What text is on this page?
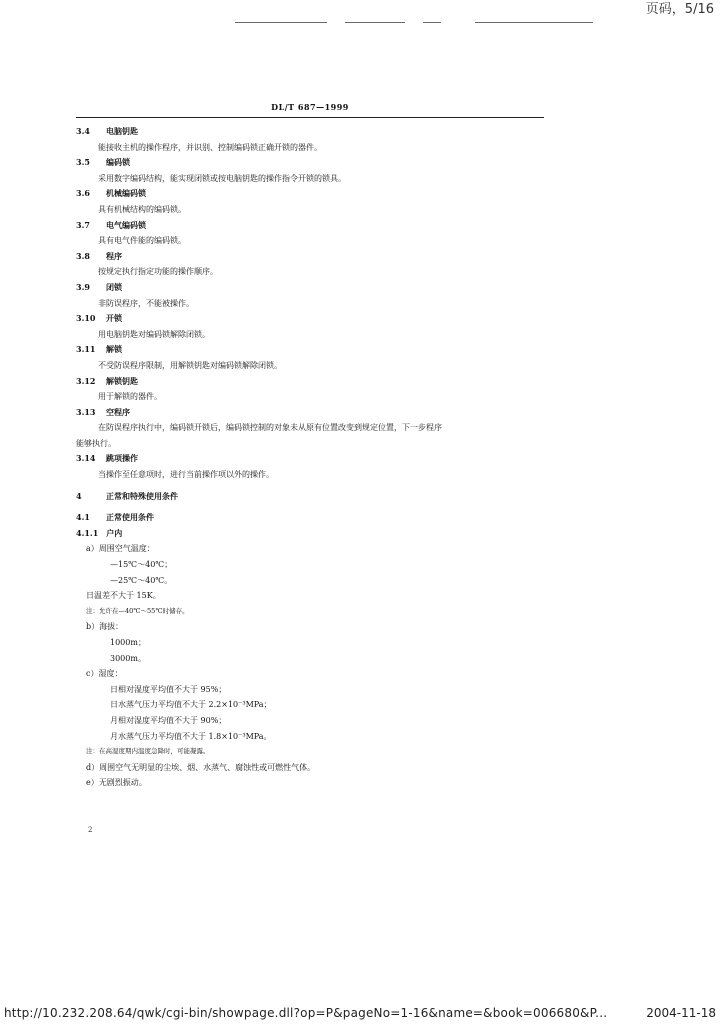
页码，5/16
DL/T 687—1999
3.4  电脑钥匙
能接收主机的操作程序，并识别、控制编码锁正确开锁的器件。
3.5  编码锁
采用数字编码结构，能实现闭锁或按电脑钥匙的操作指令开锁的锁具。
3.6  机械编码锁
具有机械结构的编码锁。
3.7  电气编码锁
具有电气件能的编码锁。
3.8  程序
按规定执行指定功能的操作顺序。
3.9  闭锁
非防误程序，不能被操作。
3.10  开锁
用电脑钥匙对编码锁解除闭锁。
3.11  解锁
不受防误程序限制，用解锁钥匙对编码锁解除闭锁。
3.12  解锁钥匙
用于解锁的器件。
3.13  空程序
在防误程序执行中，编码锁开锁后，编码锁控制的对象未从原有位置改变到规定位置，下一步程序
能够执行。
3.14  跳项操作
当操作至任意项时，进行当前操作项以外的操作。
4 	正常和特殊使用条件
4.1  正常使用条件
4.1.1  户内
a）周围空气温度：
—15℃～40℃；
—25℃～40℃。
日温差不大于 15K。
注：允许在—40℃～55℃时储存。
b）海拔：
1000m；
3000m。
c）湿度：
日相对湿度平均值不大于 95%；
日水蒸气压力平均值不大于 2.2×10⁻³MPa；
月相对湿度平均值不大于 90%；
月水蒸气压力平均值不大于 1.8×10⁻³MPa。
注：在高湿度期内温度急降时，可能凝露。
d）周围空气无明显的尘埃、烟、水蒸气、腐蚀性或可燃性气体。
e）无剧烈振动。
2
http://10.232.208.64/qwk/cgi-bin/showpage.dll?op=P&pageNo=1-16&name=&book=006680&P...	2004-11-18
